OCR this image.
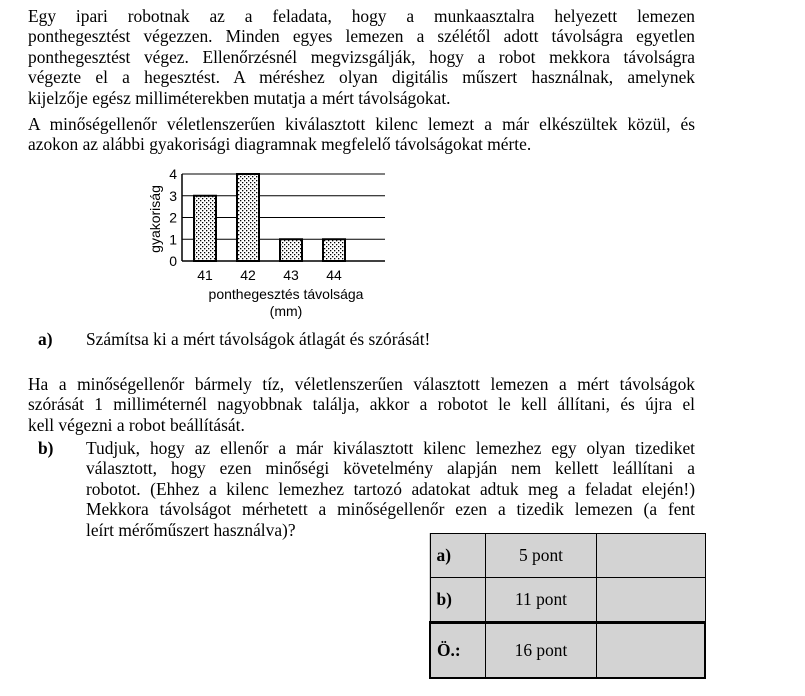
Egy ipari robotnak az a feladata, hogy a munkaasztalra helyezett lemezen
ponthegesztést végezzen. Minden egyes lemezen a szélétől adott távolságra egyetlen
ponthegesztést végez. Ellenőrzésnél megvizsgálják, hogy a robot mekkora távolságra
végezte el a hegesztést. A méréshez olyan digitális műszert használnak, amelynek
kijelzője egész milliméterekben mutatja a mért távolságokat.
A minőségellenőr véletlenszerűen kiválasztott kilenc lemezt a már elkészültek közül, és
azokon az alábbi gyakorisági diagramnak megfelelő távolságokat mérte.
0
1
2
3
4
41 42 43 44
gyakoriság
ponthegesztés távolsága
(mm)
a) Számítsa ki a mért távolságok átlagát és szórását!
Ha a minőségellenőr bármely tíz, véletlenszerűen választott lemezen a mért távolságok
szórását 1 milliméternél nagyobbnak találja, akkor a robotot le kell állítani, és újra el
kell végezni a robot beállítását.
b) Tudjuk, hogy az ellenőr a már kiválasztott kilenc lemezhez egy olyan tizediket
választott, hogy ezen minőségi követelmény alapján nem kellett leállítani a
robotot. (Ehhez a kilenc lemezhez tartozó adatokat adtuk meg a feladat elején!)
Mekkora távolságot mérhetett a minőségellenőr ezen a tizedik lemezen (a fent
leírt mérőműszert használva)?
a)	5 pont	
b)	11 pont	
Ö.:	16 pont	
